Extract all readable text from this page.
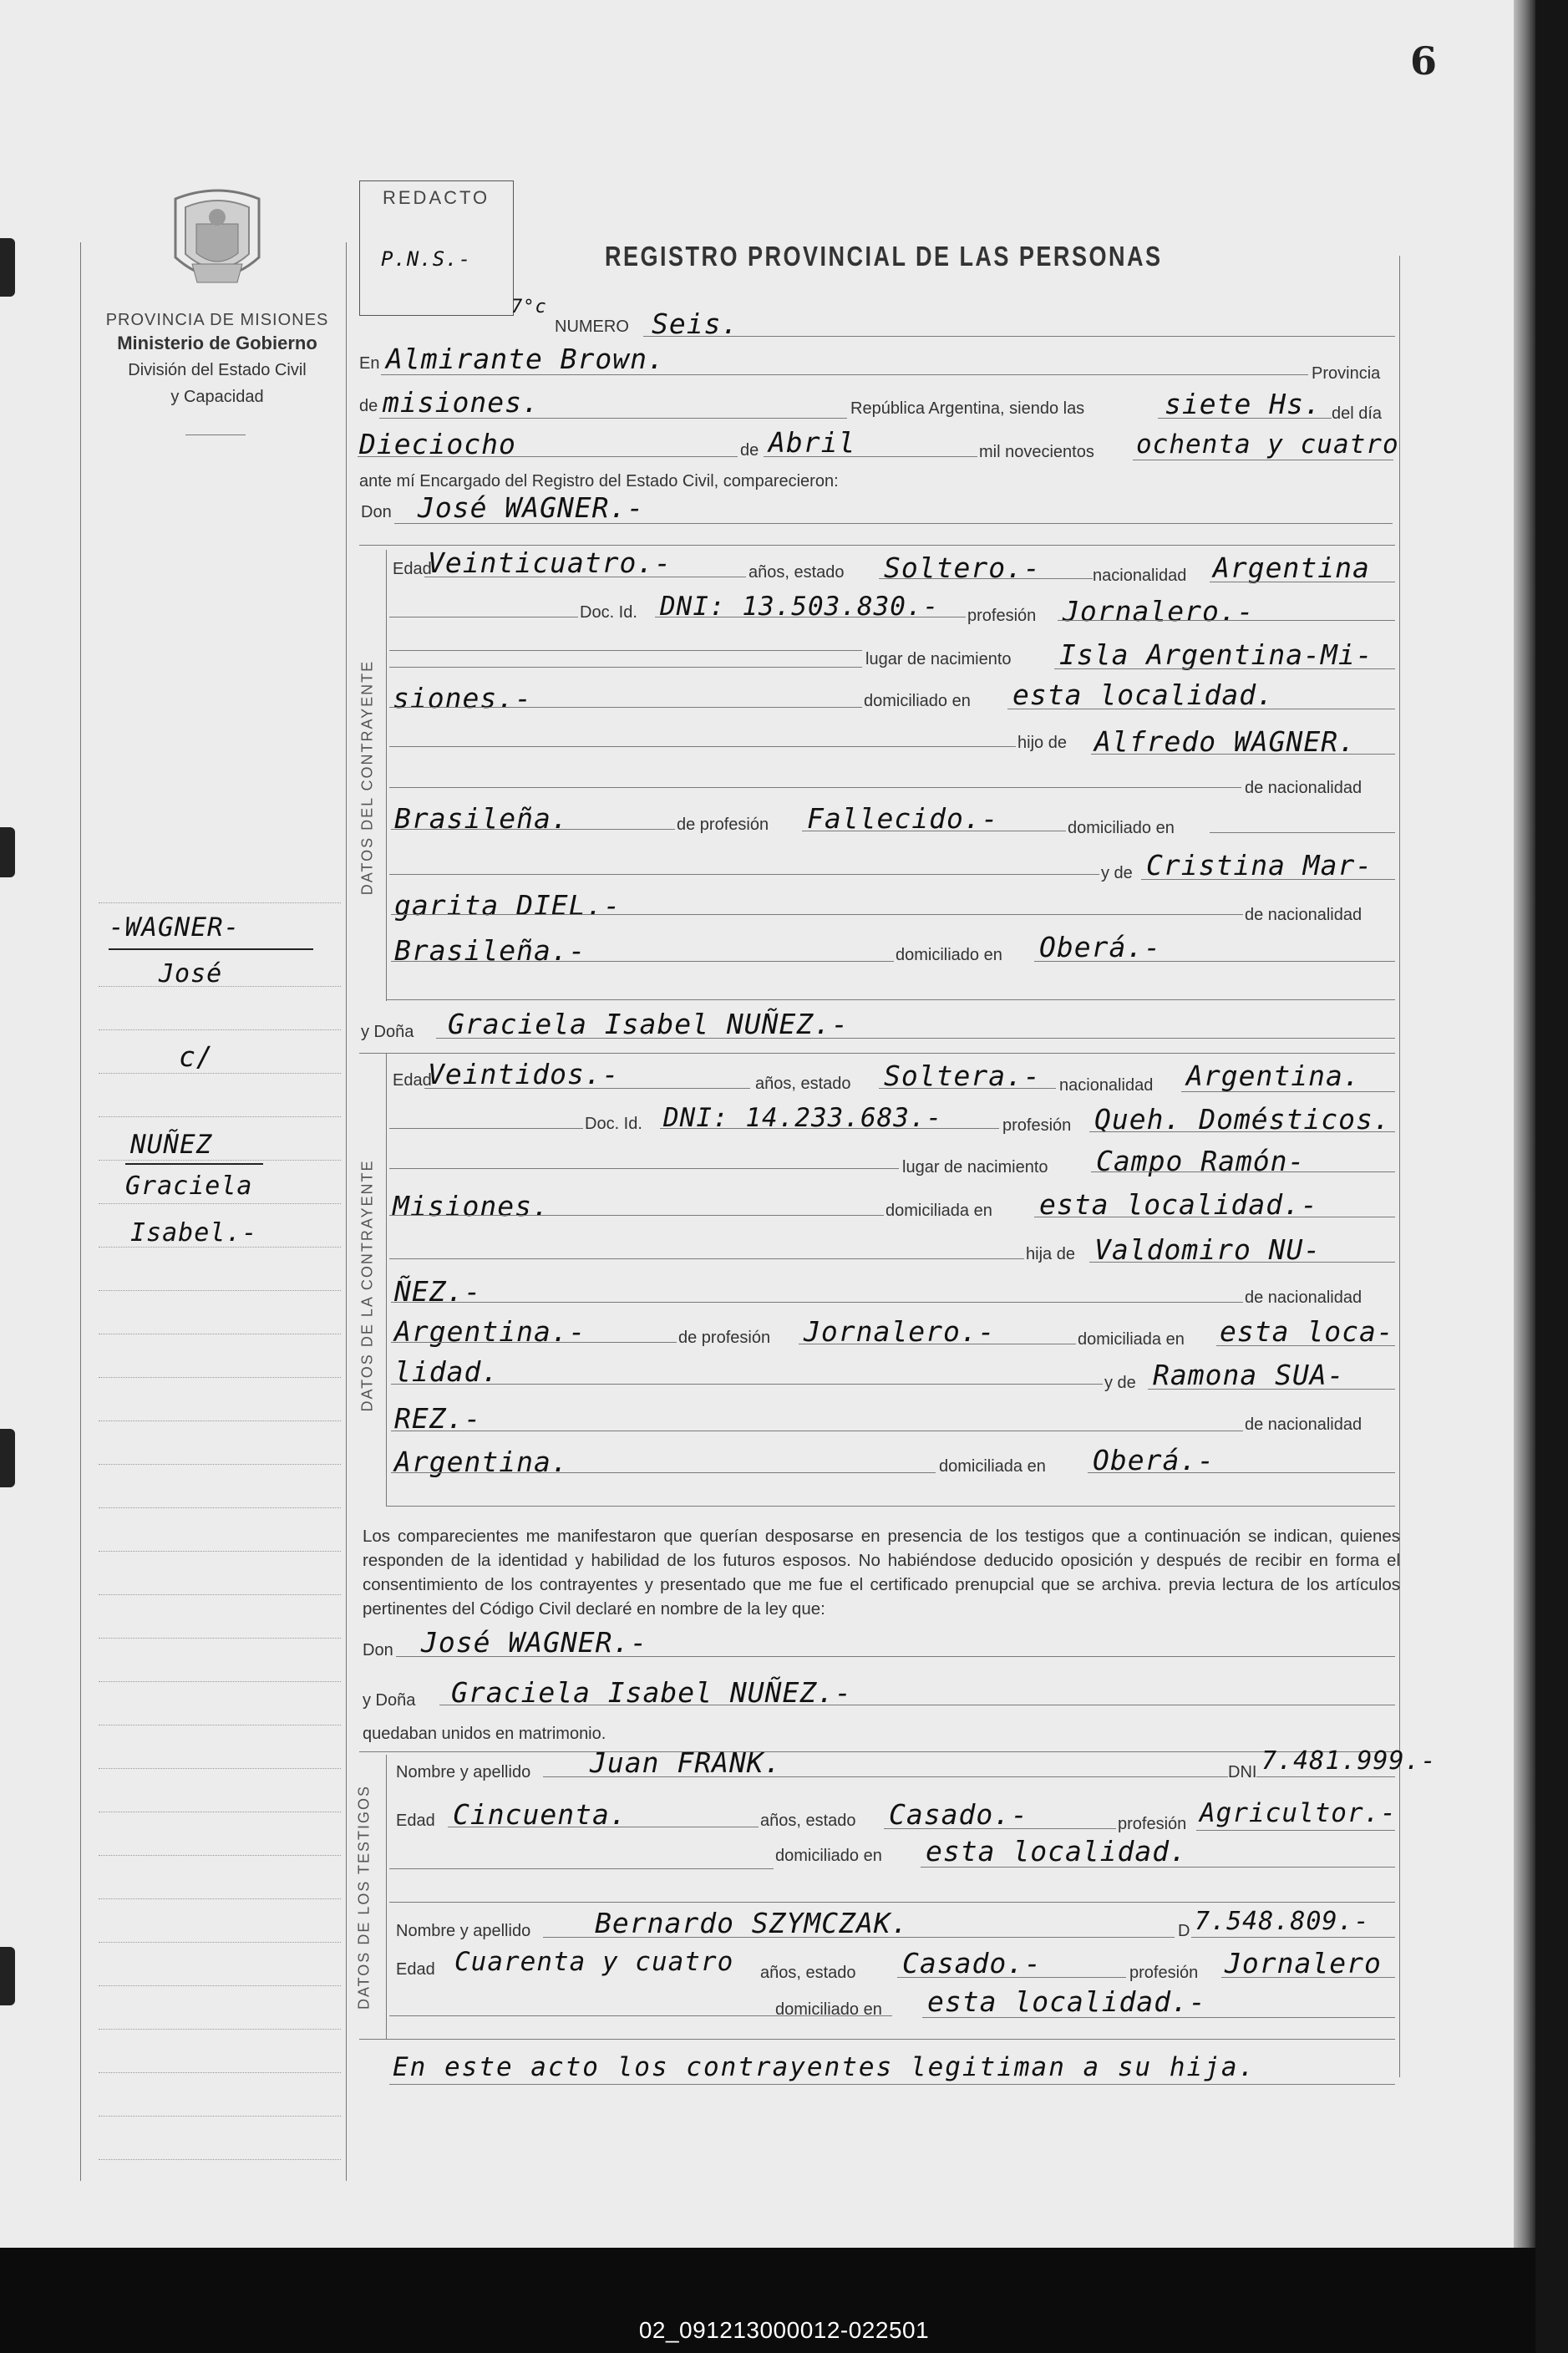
6
PROVINCIA DE MISIONES
Ministerio de Gobierno
División del Estado Civil
y Capacidad
-WAGNER-
José
c/
NUÑEZ
Graciela
Isabel.-
REDACTO
P.N.S.-	REGISTRO PROVINCIAL DE LAS PERSONAS
7°c
NUMERO Seis.
En Almirante Brown.	Provincia
de misiones.	República Argentina, siendo las	siete Hs. del día
Dieciocho	de Abril	mil novecientos ochenta y cuatro
ante mí Encargado del Registro del Estado Civil, comparecieron:
Don José WAGNER.-
DATOS DEL CONTRAYENTE
Edad
Veinticuatro.-	años, estado Soltero.-	nacionalidad Argentina
Doc. Id. DNI: 13.503.830.- profesión Jornalero.-
lugar de nacimiento Isla Argentina-Mi-
siones.-	domiciliado en esta localidad.
hijo de Alfredo WAGNER.
de nacionalidad
Brasileña.	de profesión Fallecido.-	domiciliado en
y de Cristina Mar-
garita DIEL.-	de nacionalidad
Brasileña.-	domiciliado en Oberá.-
y Doña Graciela Isabel NUÑEZ.-
DATOS DE LA CONTRAYENTE
Edad
Veintidos.-	años, estado Soltera.- nacionalidad Argentina.
Doc. Id. DNI: 14.233.683.-	profesión Queh. Domésticos.
lugar de nacimiento Campo Ramón-
Misiones.	domiciliada en esta localidad.-
hija de Valdomiro NU-
ÑEZ.-	de nacionalidad
Argentina.-	de profesión Jornalero.-	domiciliada en esta loca-
lidad.	y de Ramona SUA-
REZ.-	de nacionalidad
Argentina.	domiciliada en Oberá.-
Los comparecientes me manifestaron que querían desposarse en presencia de los testigos que a continuación se indican, quienes responden de la identidad y habilidad de los futuros esposos. No habiéndose deducido oposición y después de recibir en forma el consentimiento de los contrayentes y presentado que me fue el certificado prenupcial que se archiva. previa lectura de los artículos pertinentes del Código Civil declaré en nombre de la ley que:
Don José WAGNER.-
y Doña Graciela Isabel NUÑEZ.-
quedaban unidos en matrimonio.
DATOS DE LOS TESTIGOS
Nombre y apellido Juan FRANK.	DNI 7.481.999.-
Edad Cincuenta.	años, estado Casado.-	profesión Agricultor.-
domiciliado en esta localidad.
Nombre y apellido Bernardo SZYMCZAK.	D 7.548.809.-
Edad Cuarenta y cuatro años, estado Casado.-	profesión Jornalero
domiciliado en esta localidad.-
En este acto los contrayentes legitiman a su hija.
02_091213000012-022501
